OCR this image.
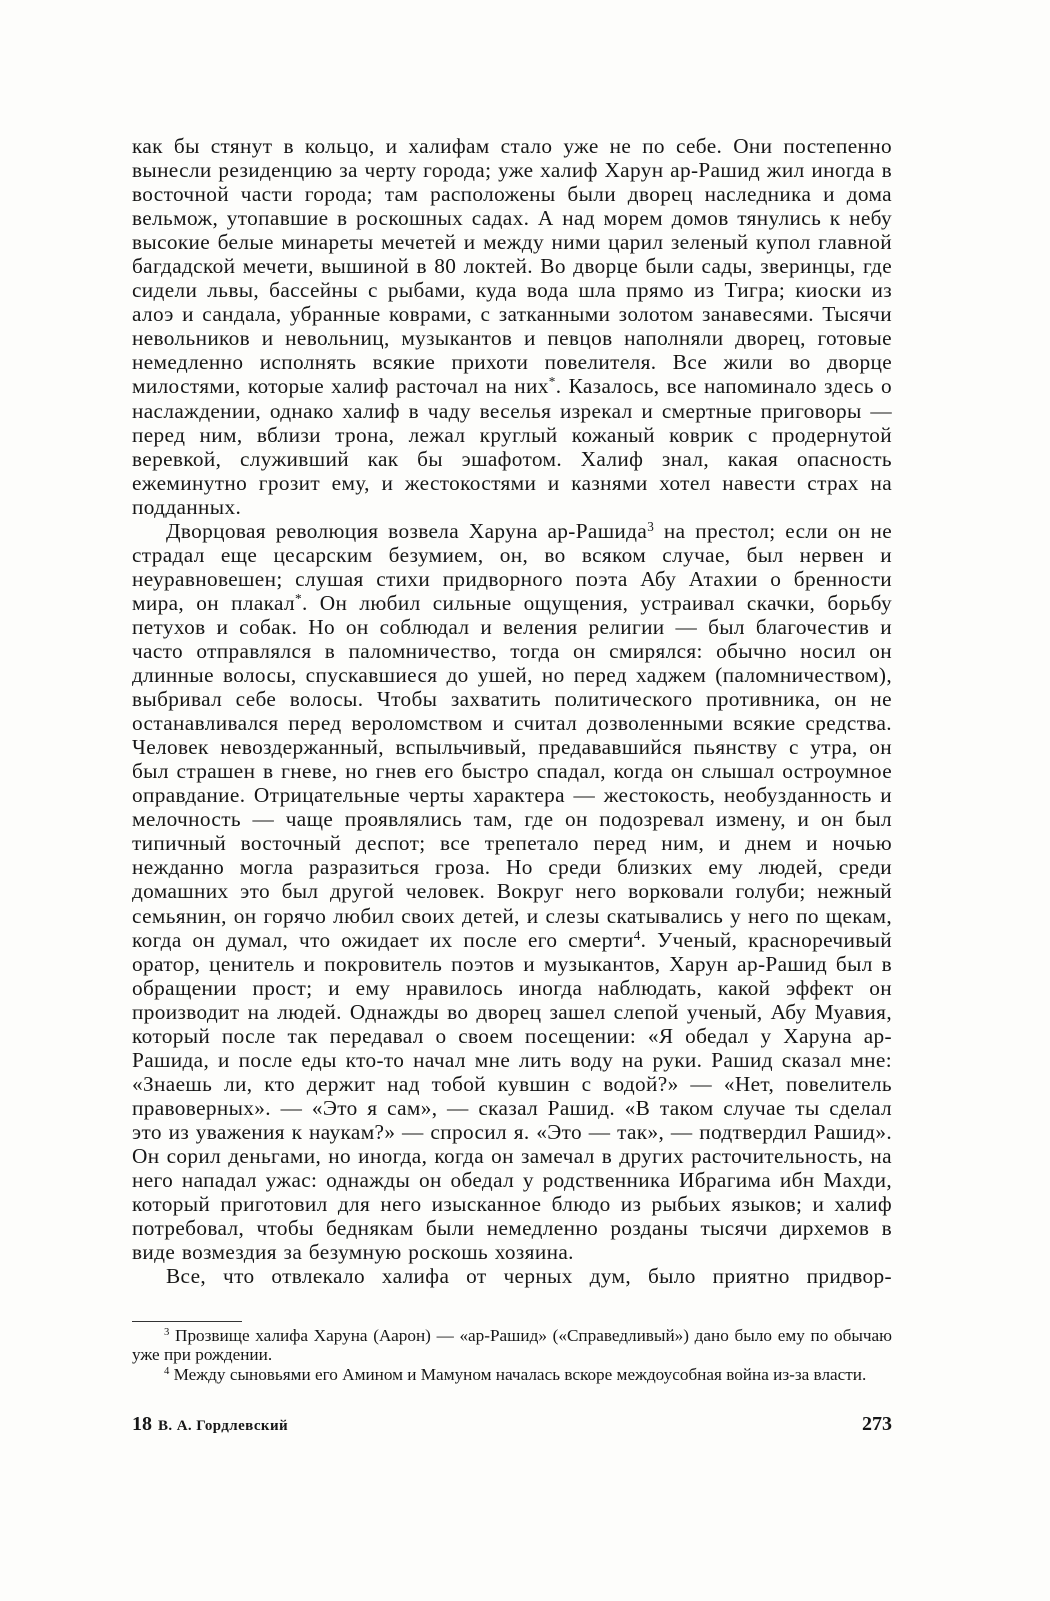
как бы стянут в кольцо, и халифам стало уже не по себе. Они постепенно вынесли резиденцию за черту города; уже халиф Харун ар-Рашид жил иногда в восточной части города; там расположены были дворец наследника и дома вельмож, утопавшие в роскошных садах. А над морем домов тянулись к небу высокие белые минареты мечетей и между ними царил зеленый купол главной багдадской мечети, вышиной в 80 локтей. Во дворце были сады, зверинцы, где сидели львы, бассейны с рыбами, куда вода шла прямо из Тигра; киоски из алоэ и сандала, убранные коврами, с затканными золотом занавесями. Тысячи невольников и невольниц, музыкантов и певцов наполняли дворец, готовые немедленно исполнять всякие прихоти повелителя. Все жили во дворце милостями, которые халиф расточал на них*. Казалось, все напоминало здесь о наслаждении, однако халиф в чаду веселья изрекал и смертные приговоры — перед ним, вблизи трона, лежал круглый кожаный коврик с продернутой веревкой, служивший как бы эшафотом. Халиф знал, какая опасность ежеминутно грозит ему, и жестокостями и казнями хотел навести страх на подданных.

Дворцовая революция возвела Харуна ар-Рашида$^3$ на престол; если он не страдал еще цесарским безумием, он, во всяком случае, был нервен и неуравновешен; слушая стихи придворного поэта Абу Атахии о бренности мира, он плакал*. Он любил сильные ощущения, устраивал скачки, борьбу петухов и собак. Но он соблюдал и веления религии — был благочестив и часто отправлялся в паломничество, тогда он смирялся: обычно носил он длинные волосы, спускавшиеся до ушей, но перед хаджем (паломничеством), выбривал себе волосы. Чтобы захватить политического противника, он не останавливался перед вероломством и считал дозволенными всякие средства. Человек невоздержанный, вспыльчивый, предававшийся пьянству с утра, он был страшен в гневе, но гнев его быстро спадал, когда он слышал остроумное оправдание. Отрицательные черты характера — жестокость, необузданность и мелочность — чаще проявлялись там, где он подозревал измену, и он был типичный восточный деспот; все трепетало перед ним, и днем и ночью нежданно могла разразиться гроза. Но среди близких ему людей, среди домашних это был другой человек. Вокруг него ворковали голуби; нежный семьянин, он горячо любил своих детей, и слезы скатывались у него по щекам, когда он думал, что ожидает их после его смерти$^4$. Ученый, красноречивый оратор, ценитель и покровитель поэтов и музыкантов, Харун ар-Рашид был в обращении прост; и ему нравилось иногда наблюдать, какой эффект он производит на людей. Однажды во дворец зашел слепой ученый, Абу Муавия, который после так передавал о своем посещении: «Я обедал у Харуна ар-Рашида, и после еды кто-то начал мне лить воду на руки. Рашид сказал мне: «Знаешь ли, кто держит над тобой кувшин с водой?» — «Нет, повелитель правоверных». — «Это я сам», — сказал Рашид. «В таком случае ты сделал это из уважения к наукам?» — спросил я. «Это — так», — подтвердил Рашид». Он сорил деньгами, но иногда, когда он замечал в других расточительность, на него нападал ужас: однажды он обедал у родственника Ибрагима ибн Махди, который приготовил для него изысканное блюдо из рыбьих языков; и халиф потребовал, чтобы беднякам были немедленно розданы тысячи дирхемов в виде возмездия за безумную роскошь хозяина.

Все, что отвлекало халифа от черных дум, было приятно придвор-

$^3$ Прозвище халифа Харуна (Аарон) — «ар-Рашид» («Справедливый») дано было ему по обычаю уже при рождении.

$^4$ Между сыновьями его Амином и Мамуном началась вскоре междоусобная война из-за власти.

18 В. А. Гордлевский	273
